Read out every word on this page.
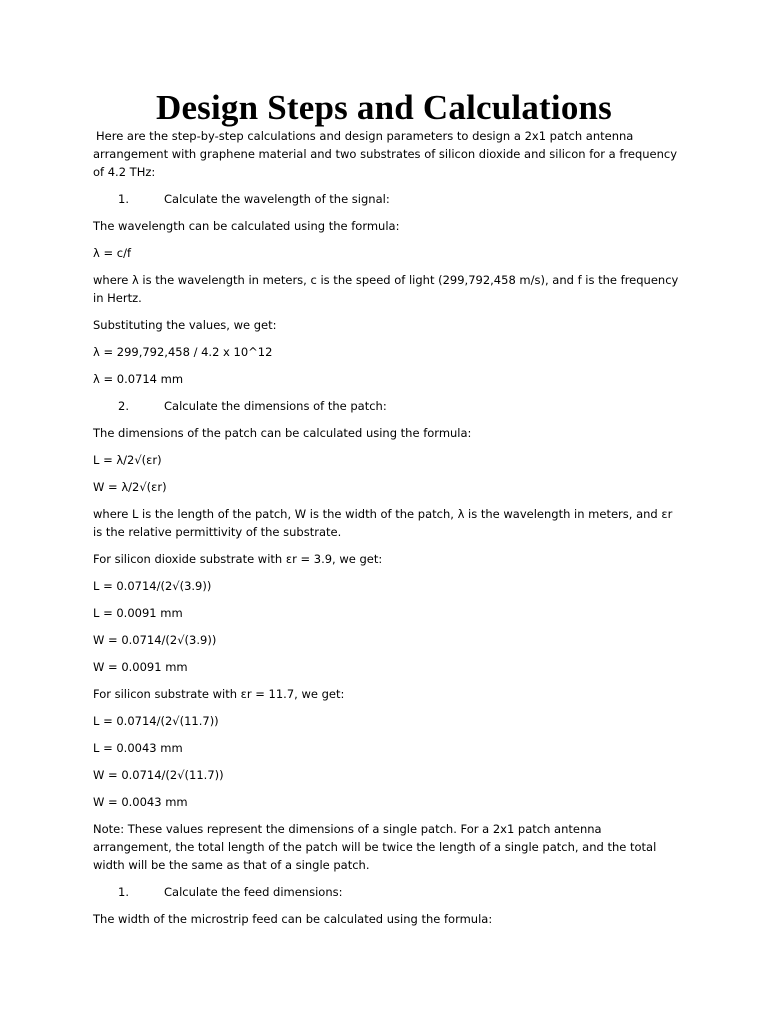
Design Steps and Calculations

Here are the step-by-step calculations and design parameters to design a 2x1 patch antenna arrangement with graphene material and two substrates of silicon dioxide and silicon for a frequency of 4.2 THz:

1.	Calculate the wavelength of the signal:

The wavelength can be calculated using the formula:

λ = c/f

where λ is the wavelength in meters, c is the speed of light (299,792,458 m/s), and f is the frequency in Hertz.

Substituting the values, we get:

λ = 299,792,458 / 4.2 x 10^12

λ = 0.0714 mm

2.	Calculate the dimensions of the patch:

The dimensions of the patch can be calculated using the formula:

L = λ/2√(εr)

W = λ/2√(εr)

where L is the length of the patch, W is the width of the patch, λ is the wavelength in meters, and εr is the relative permittivity of the substrate.

For silicon dioxide substrate with εr = 3.9, we get:

L = 0.0714/(2√(3.9))

L = 0.0091 mm

W = 0.0714/(2√(3.9))

W = 0.0091 mm

For silicon substrate with εr = 11.7, we get:

L = 0.0714/(2√(11.7))

L = 0.0043 mm

W = 0.0714/(2√(11.7))

W = 0.0043 mm

Note: These values represent the dimensions of a single patch. For a 2x1 patch antenna arrangement, the total length of the patch will be twice the length of a single patch, and the total width will be the same as that of a single patch.

1.	Calculate the feed dimensions:

The width of the microstrip feed can be calculated using the formula:
